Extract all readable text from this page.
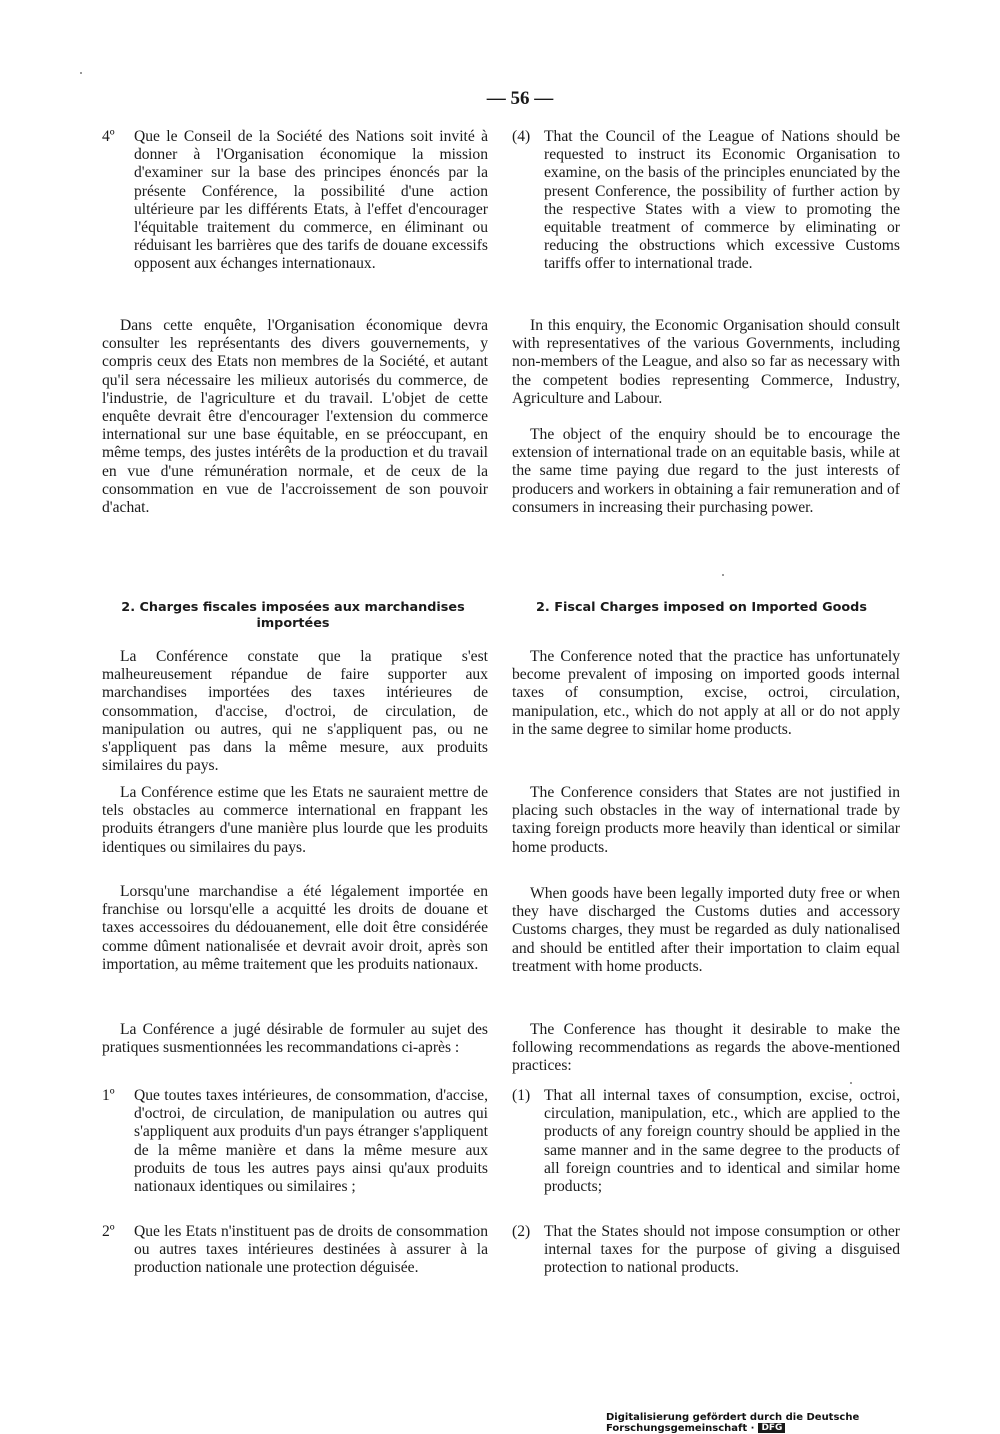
— 56 —
4º	Que le Conseil de la Société des Nations soit invité à donner à l'Organisation économique la mission d'examiner sur la base des principes énoncés par la présente Conférence, la possibilité d'une action ultérieure par les différents Etats, à l'effet d'encourager l'équitable traitement du commerce, en éliminant ou réduisant les barrières que des tarifs de douane excessifs opposent aux échanges internationaux.
Dans cette enquête, l'Organisation économique devra consulter les représentants des divers gouvernements, y compris ceux des Etats non membres de la Société, et autant qu'il sera nécessaire les milieux autorisés du commerce, de l'industrie, de l'agriculture et du travail. L'objet de cette enquête devrait être d'encourager l'extension du commerce international sur une base équitable, en se préoccupant, en même temps, des justes intérêts de la production et du travail en vue d'une rémunération normale, et de ceux de la consommation en vue de l'accroissement de son pouvoir d'achat.
2. Charges fiscales imposées aux marchandises importées
La Conférence constate que la pratique s'est malheureusement répandue de faire supporter aux marchandises importées des taxes intérieures de consommation, d'accise, d'octroi, de circulation, de manipulation ou autres, qui ne s'appliquent pas, ou ne s'appliquent pas dans la même mesure, aux produits similaires du pays.
La Conférence estime que les Etats ne sauraient mettre de tels obstacles au commerce international en frappant les produits étrangers d'une manière plus lourde que les produits identiques ou similaires du pays.
Lorsqu'une marchandise a été légalement importée en franchise ou lorsqu'elle a acquitté les droits de douane et taxes accessoires du dédouanement, elle doit être considérée comme dûment nationalisée et devrait avoir droit, après son importation, au même traitement que les produits nationaux.
La Conférence a jugé désirable de formuler au sujet des pratiques susmentionnées les recommandations ci-après :
1º	Que toutes taxes intérieures, de consommation, d'accise, d'octroi, de circulation, de manipulation ou autres qui s'appliquent aux produits d'un pays étranger s'appliquent de la même manière et dans la même mesure aux produits de tous les autres pays ainsi qu'aux produits nationaux identiques ou similaires ;
2º	Que les Etats n'instituent pas de droits de consommation ou autres taxes intérieures destinées à assurer à la production nationale une protection déguisée.
(4) That the Council of the League of Nations should be requested to instruct its Economic Organisation to examine, on the basis of the principles enunciated by the present Conference, the possibility of further action by the respective States with a view to promoting the equitable treatment of commerce by eliminating or reducing the obstructions which excessive Customs tariffs offer to international trade.
In this enquiry, the Economic Organisation should consult with representatives of the various Governments, including non-members of the League, and also so far as necessary with the competent bodies representing Commerce, Industry, Agriculture and Labour.
The object of the enquiry should be to encourage the extension of international trade on an equitable basis, while at the same time paying due regard to the just interests of producers and workers in obtaining a fair remuneration and of consumers in increasing their purchasing power.
2. Fiscal Charges imposed on Imported Goods
The Conference noted that the practice has unfortunately become prevalent of imposing on imported goods internal taxes of consumption, excise, octroi, circulation, manipulation, etc., which do not apply at all or do not apply in the same degree to similar home products.
The Conference considers that States are not justified in placing such obstacles in the way of international trade by taxing foreign products more heavily than identical or similar home products.
When goods have been legally imported duty free or when they have discharged the Customs duties and accessory Customs charges, they must be regarded as duly nationalised and should be entitled after their importation to claim equal treatment with home products.
The Conference has thought it desirable to make the following recommendations as regards the above-mentioned practices:
(1) That all internal taxes of consumption, excise, octroi, circulation, manipulation, etc., which are applied to the products of any foreign country should be applied in the same manner and in the same degree to the products of all foreign countries and to identical and similar home products;
(2) That the States should not impose consumption or other internal taxes for the purpose of giving a disguised protection to national products.
Digitalisierung gefördert durch die Deutsche Forschungsgemeinschaft · DFG
